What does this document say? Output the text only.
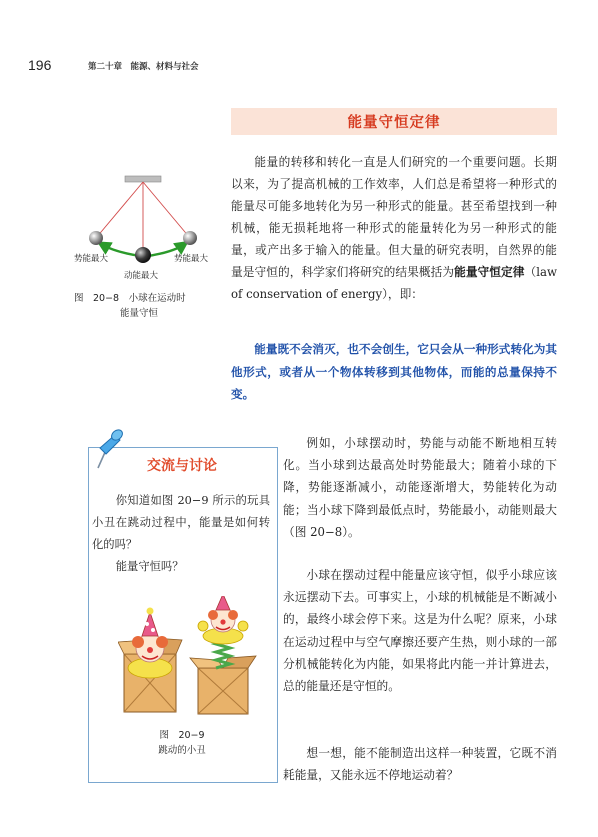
196	第二十章　能源、材料与社会
能量守恒定律
势能最大	势能最大
动能最大
图　20−8　小球在运动时
能量守恒
能量的转移和转化一直是人们研究的一个重要问题。长期以来，为了提高机械的工作效率，人们总是希望将一种形式的能量尽可能多地转化为另一种形式的能量。甚至希望找到一种机械，能无损耗地将一种形式的能量转化为另一种形式的能量，或产出多于输入的能量。但大量的研究表明，自然界的能量是守恒的，科学家们将研究的结果概括为能量守恒定律（law of conservation of energy），即：
能量既不会消灭，也不会创生，它只会从一种形式转化为其他形式，或者从一个物体转移到其他物体，而能的总量保持不变。
交流与讨论

你知道如图 20−9 所示的玩具小丑在跳动过程中，能量是如何转化的吗？

能量守恒吗？

图　20−9
跳动的小丑
例如，小球摆动时，势能与动能不断地相互转化。当小球到达最高处时势能最大；随着小球的下降，势能逐渐减小，动能逐渐增大，势能转化为动能；当小球下降到最低点时，势能最小，动能则最大（图 20−8）。
小球在摆动过程中能量应该守恒，似乎小球应该永远摆动下去。可事实上，小球的机械能是不断减小的，最终小球会停下来。这是为什么呢？原来，小球在运动过程中与空气摩擦还要产生热，则小球的一部分机械能转化为内能，如果将此内能一并计算进去，总的能量还是守恒的。
想一想，能不能制造出这样一种装置，它既不消耗能量，又能永远不停地运动着？
